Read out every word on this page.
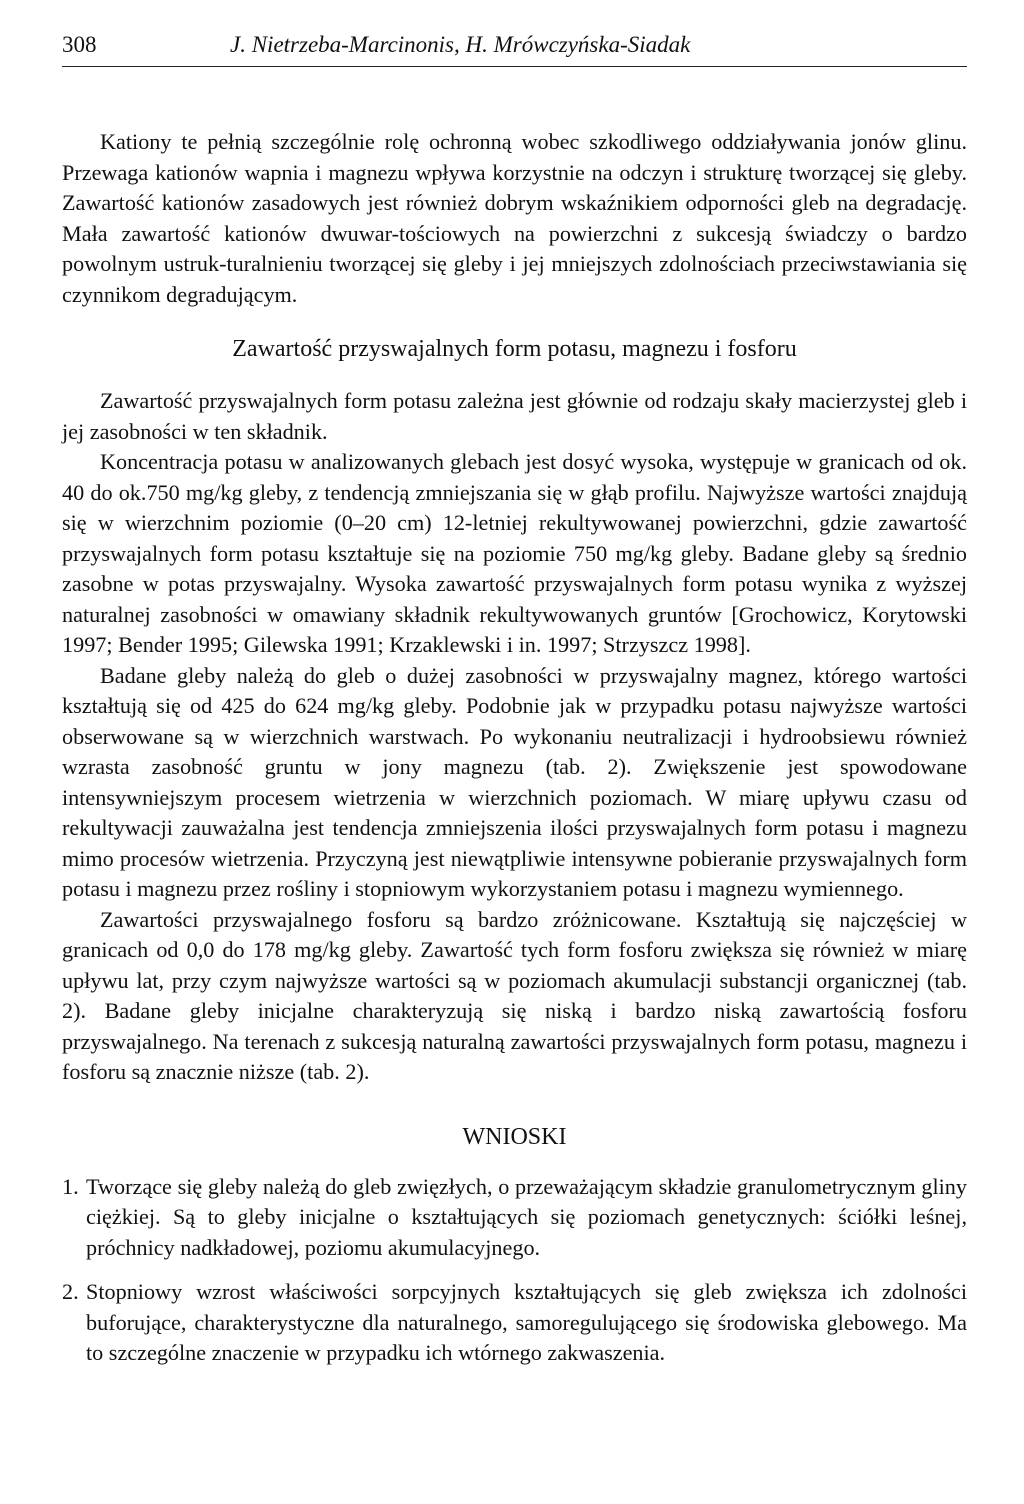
308	J. Nietrzeba-Marcinonis, H. Mrówczyńska-Siadak

Kationy te pełnią szczególnie rolę ochronną wobec szkodliwego oddziaływania jonów glinu. Przewaga kationów wapnia i magnezu wpływa korzystnie na odczyn i strukturę tworzącej się gleby. Zawartość kationów zasadowych jest również dobrym wskaźnikiem odporności gleb na degradację. Mała zawartość kationów dwuwar-tościowych na powierzchni z sukcesją świadczy o bardzo powolnym ustruk-turalnieniu tworzącej się gleby i jej mniejszych zdolnościach przeciwstawiania się czynnikom degradującym.

Zawartość przyswajalnych form potasu, magnezu i fosforu

Zawartość przyswajalnych form potasu zależna jest głównie od rodzaju skały macierzystej gleb i jej zasobności w ten składnik.

Koncentracja potasu w analizowanych glebach jest dosyć wysoka, występuje w granicach od ok. 40 do ok.750 mg/kg gleby, z tendencją zmniejszania się w głąb profilu. Najwyższe wartości znajdują się w wierzchnim poziomie (0–20 cm) 12-letniej rekultywowanej powierzchni, gdzie zawartość przyswajalnych form potasu kształtuje się na poziomie 750 mg/kg gleby. Badane gleby są średnio zasobne w potas przyswajalny. Wysoka zawartość przyswajalnych form potasu wynika z wyższej naturalnej zasobności w omawiany składnik rekultywowanych gruntów [Grochowicz, Korytowski 1997; Bender 1995; Gilewska 1991; Krzaklewski i in. 1997; Strzyszcz 1998].

Badane gleby należą do gleb o dużej zasobności w przyswajalny magnez, którego wartości kształtują się od 425 do 624 mg/kg gleby. Podobnie jak w przypadku potasu najwyższe wartości obserwowane są w wierzchnich warstwach. Po wykonaniu neutralizacji i hydroobsiewu również wzrasta zasobność gruntu w jony magnezu (tab. 2). Zwiększenie jest spowodowane intensywniejszym procesem wietrzenia w wierzchnich poziomach. W miarę upływu czasu od rekultywacji zauważalna jest tendencja zmniejszenia ilości przyswajalnych form potasu i magnezu mimo procesów wietrzenia. Przyczyną jest niewątpliwie intensywne pobieranie przyswajalnych form potasu i magnezu przez rośliny i stopniowym wykorzystaniem potasu i magnezu wymiennego.

Zawartości przyswajalnego fosforu są bardzo zróżnicowane. Kształtują się najczęściej w granicach od 0,0 do 178 mg/kg gleby. Zawartość tych form fosforu zwiększa się również w miarę upływu lat, przy czym najwyższe wartości są w poziomach akumulacji substancji organicznej (tab. 2). Badane gleby inicjalne charakteryzują się niską i bardzo niską zawartością fosforu przyswajalnego. Na terenach z sukcesją naturalną zawartości przyswajalnych form potasu, magnezu i fosforu są znacznie niższe (tab. 2).

WNIOSKI
1. Tworzące się gleby należą do gleb zwięzłych, o przeważającym składzie granulometrycznym gliny ciężkiej. Są to gleby inicjalne o kształtujących się poziomach genetycznych: ściółki leśnej, próchnicy nadkładowej, poziomu akumulacyjnego.
2. Stopniowy wzrost właściwości sorpcyjnych kształtujących się gleb zwiększa ich zdolności buforujące, charakterystyczne dla naturalnego, samoregulującego się środowiska glebowego. Ma to szczególne znaczenie w przypadku ich wtórnego zakwaszenia.
